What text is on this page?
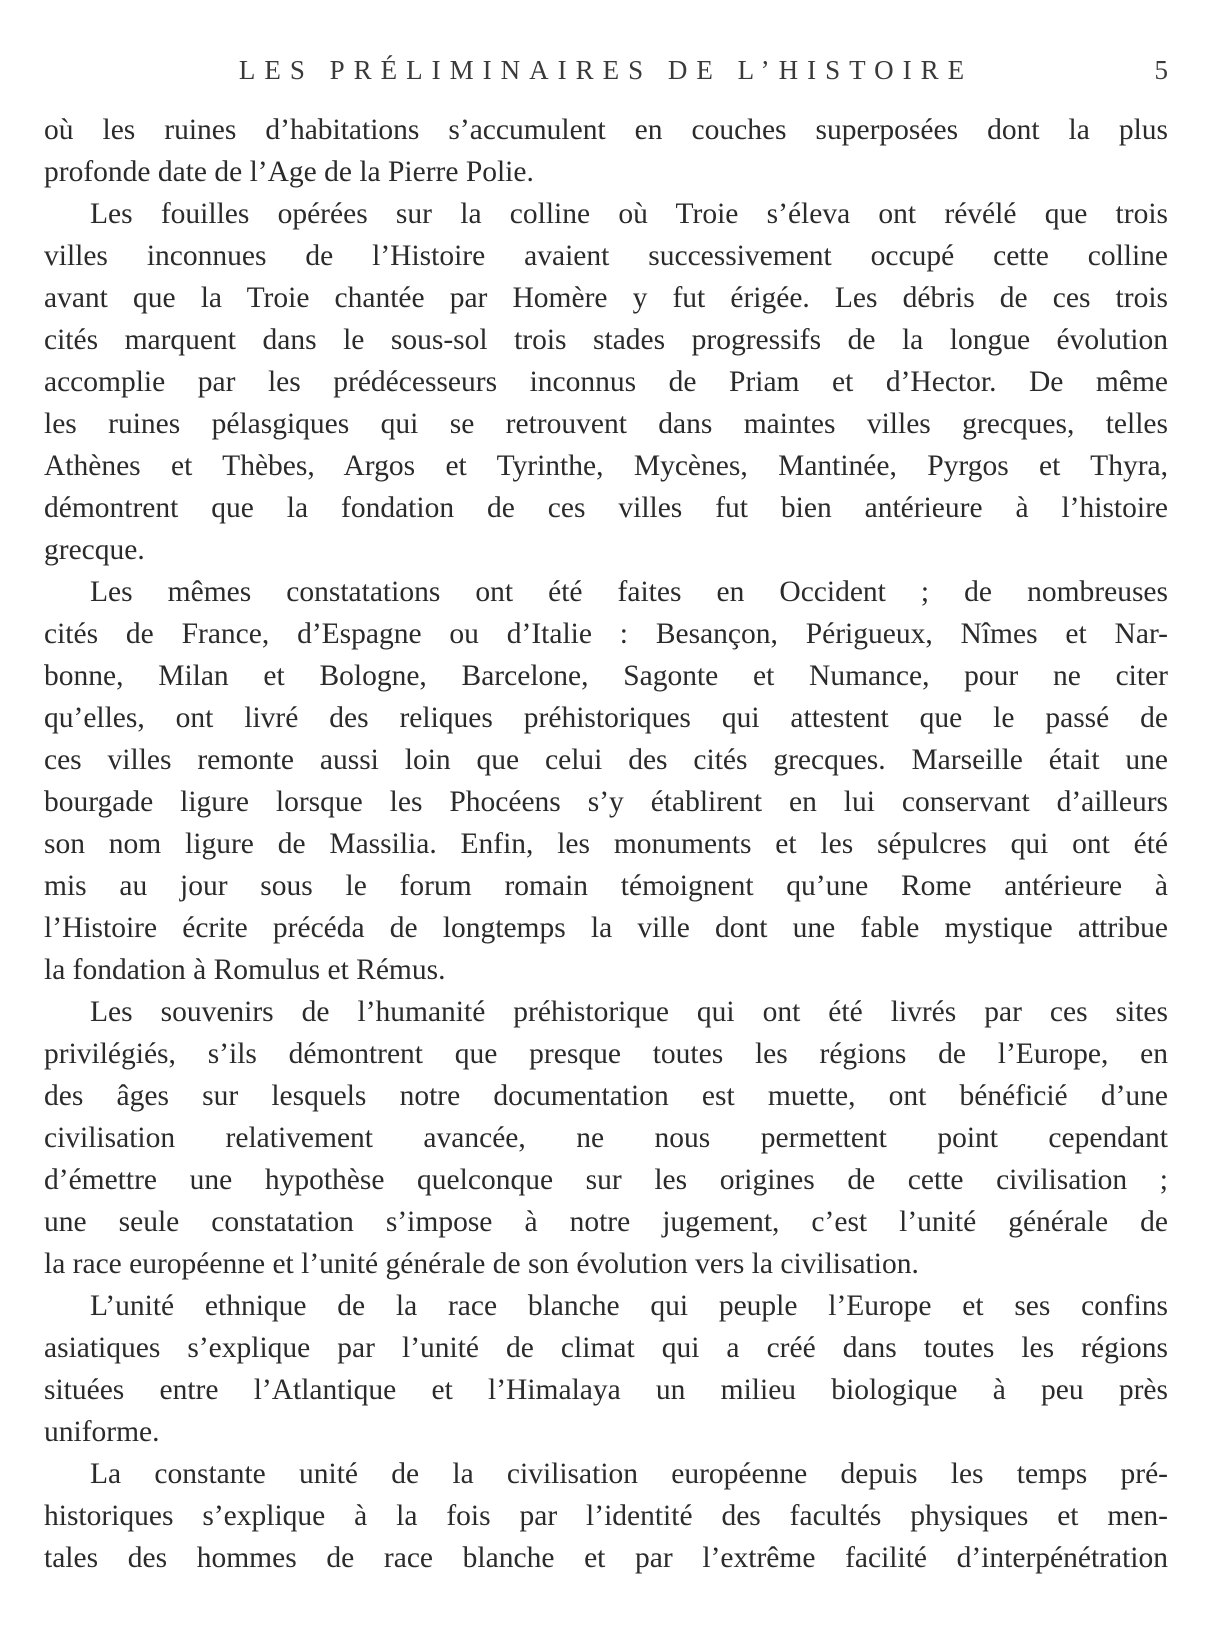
LES PRÉLIMINAIRES DE L’HISTOIRE	5
où les ruines d’habitations s’accumulent en couches superposées dont la plus
profonde date de l’Age de la Pierre Polie.
Les fouilles opérées sur la colline où Troie s’éleva ont révélé que trois
villes inconnues de l’Histoire avaient successivement occupé cette colline
avant que la Troie chantée par Homère y fut érigée. Les débris de ces trois
cités marquent dans le sous-sol trois stades progressifs de la longue évolution
accomplie par les prédécesseurs inconnus de Priam et d’Hector. De même
les ruines pélasgiques qui se retrouvent dans maintes villes grecques, telles
Athènes et Thèbes, Argos et Tyrinthe, Mycènes, Mantinée, Pyrgos et Thyra,
démontrent que la fondation de ces villes fut bien antérieure à l’histoire
grecque.
Les mêmes constatations ont été faites en Occident ; de nombreuses
cités de France, d’Espagne ou d’Italie : Besançon, Périgueux, Nîmes et Nar-
bonne, Milan et Bologne, Barcelone, Sagonte et Numance, pour ne citer
qu’elles, ont livré des reliques préhistoriques qui attestent que le passé de
ces villes remonte aussi loin que celui des cités grecques. Marseille était une
bourgade ligure lorsque les Phocéens s’y établirent en lui conservant d’ailleurs
son nom ligure de Massilia. Enfin, les monuments et les sépulcres qui ont été
mis au jour sous le forum romain témoignent qu’une Rome antérieure à
l’Histoire écrite précéda de longtemps la ville dont une fable mystique attribue
la fondation à Romulus et Rémus.
Les souvenirs de l’humanité préhistorique qui ont été livrés par ces sites
privilégiés, s’ils démontrent que presque toutes les régions de l’Europe, en
des âges sur lesquels notre documentation est muette, ont bénéficié d’une
civilisation relativement avancée, ne nous permettent point cependant
d’émettre une hypothèse quelconque sur les origines de cette civilisation ;
une seule constatation s’impose à notre jugement, c’est l’unité générale de
la race européenne et l’unité générale de son évolution vers la civilisation.
L’unité ethnique de la race blanche qui peuple l’Europe et ses confins
asiatiques s’explique par l’unité de climat qui a créé dans toutes les régions
situées entre l’Atlantique et l’Himalaya un milieu biologique à peu près
uniforme.
La constante unité de la civilisation européenne depuis les temps pré-
historiques s’explique à la fois par l’identité des facultés physiques et men-
tales des hommes de race blanche et par l’extrême facilité d’interpénétration
